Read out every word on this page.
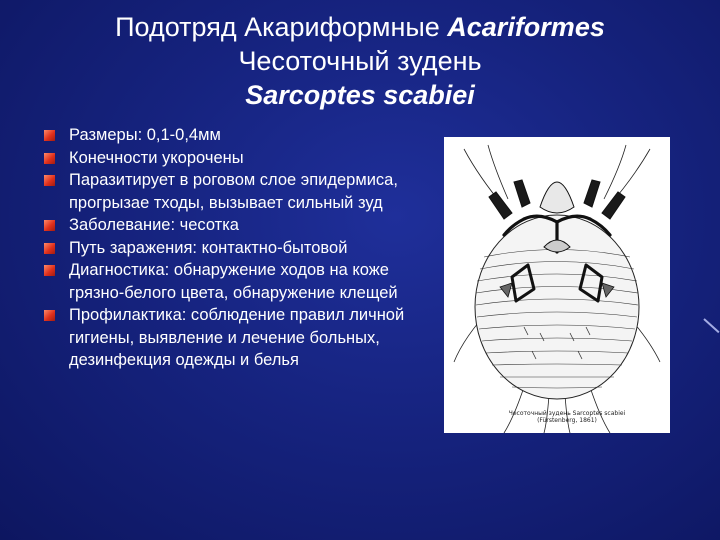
Подотряд Акариформные Acariformes
Чесоточный зудень
Sarcoptes scabiei
Размеры: 0,1-0,4мм
Конечности укорочены
Паразитирует в роговом слое эпидермиса, прогрызае тходы, вызывает сильный зуд
Заболевание: чесотка
Путь заражения: контактно-бытовой
Диагностика: обнаружение ходов на коже грязно-белого цвета, обнаружение клещей
Профилактика: соблюдение правил личной гигиены, выявление и лечение больных, дезинфекция одежды и белья
Чесоточный зудень Sarcoptes scabiei (Fürstenberg, 1861)
